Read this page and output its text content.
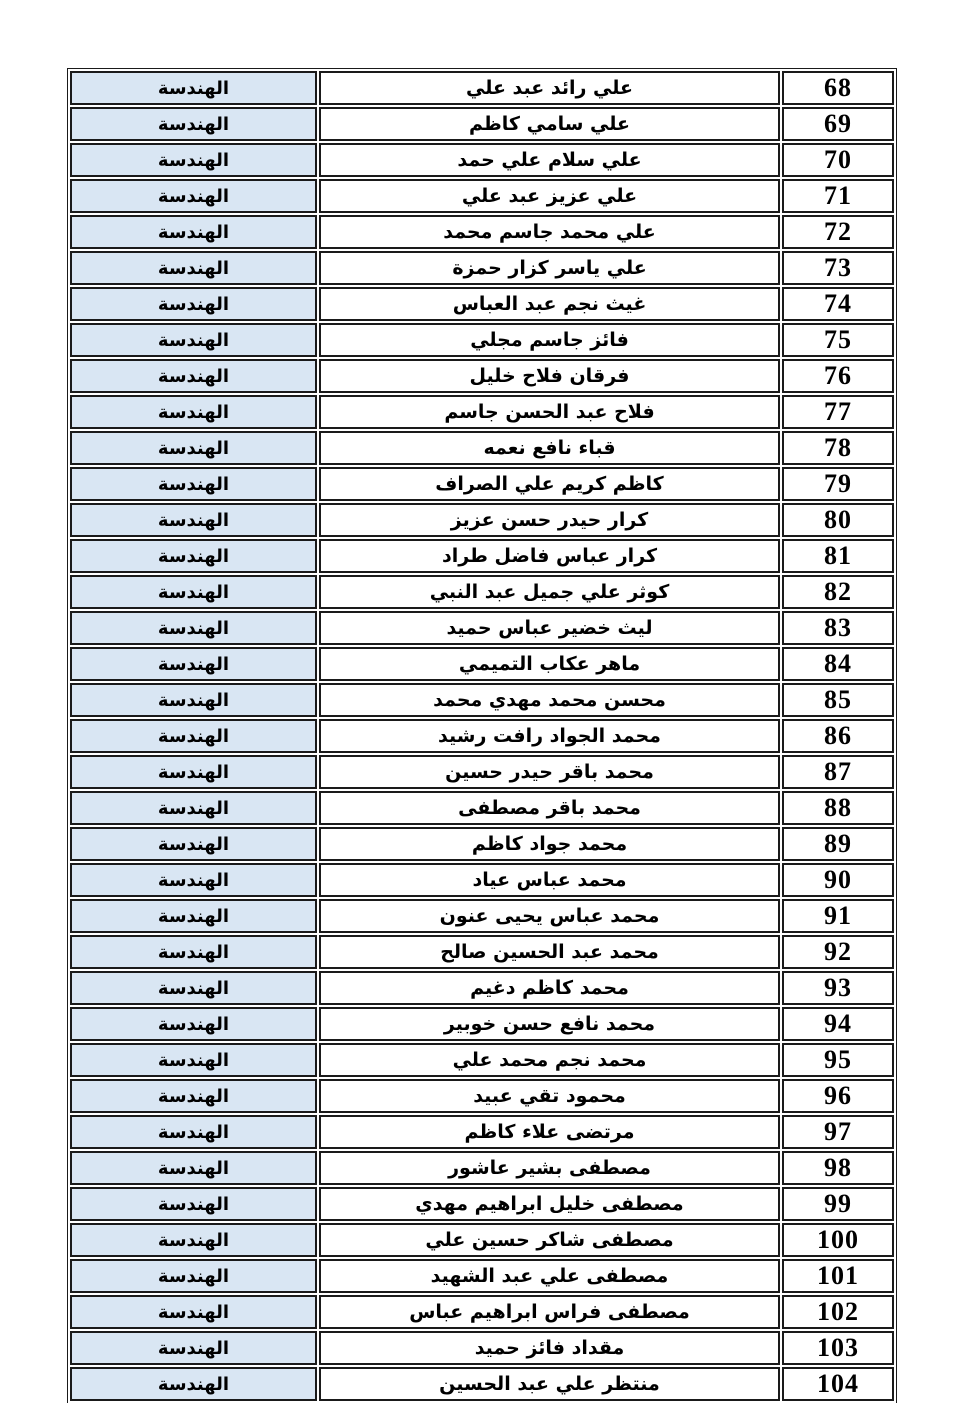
68	علي رائد عبد علي	الهندسة
69	علي سامي كاظم	الهندسة
70	علي سلام علي حمد	الهندسة
71	علي عزيز عبد علي	الهندسة
72	علي محمد جاسم محمد	الهندسة
73	علي ياسر كزار حمزة	الهندسة
74	غيث نجم عبد العباس	الهندسة
75	فائز جاسم مجلي	الهندسة
76	فرقان فلاح خليل	الهندسة
77	فلاح عبد الحسن جاسم	الهندسة
78	قباء نافع نعمه	الهندسة
79	كاظم كريم علي الصراف	الهندسة
80	كرار حيدر حسن عزيز	الهندسة
81	كرار عباس فاضل طراد	الهندسة
82	كوثر علي جميل عبد النبي	الهندسة
83	ليث خضير عباس حميد	الهندسة
84	ماهر عكاب التميمي	الهندسة
85	محسن محمد مهدي محمد	الهندسة
86	محمد الجواد رافت رشيد	الهندسة
87	محمد باقر حيدر حسين	الهندسة
88	محمد باقر مصطفى	الهندسة
89	محمد جواد كاظم	الهندسة
90	محمد عباس عياد	الهندسة
91	محمد عباس يحيى عنون	الهندسة
92	محمد عبد الحسين صالح	الهندسة
93	محمد كاظم دغيم	الهندسة
94	محمد نافع حسن خوبير	الهندسة
95	محمد نجم محمد علي	الهندسة
96	محمود تقي عبيد	الهندسة
97	مرتضى علاء كاظم	الهندسة
98	مصطفى بشير عاشور	الهندسة
99	مصطفى خليل ابراهيم مهدي	الهندسة
100	مصطفى شاكر حسين علي	الهندسة
101	مصطفى علي عبد الشهيد	الهندسة
102	مصطفى فراس ابراهيم عباس	الهندسة
103	مقداد فائز حميد	الهندسة
104	منتظر علي عبد الحسين	الهندسة
